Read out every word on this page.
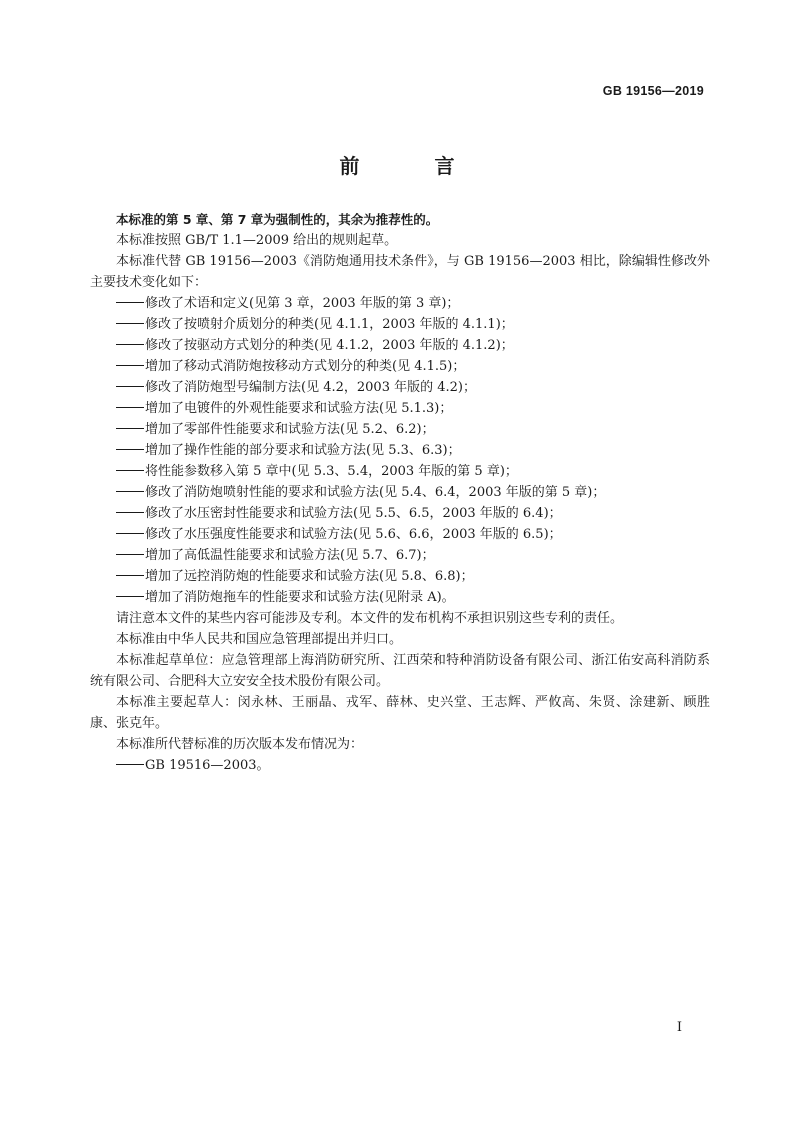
GB 19156—2019
前 言

本标准的第 5 章、第 7 章为强制性的，其余为推荐性的。

本标准按照 GB/T 1.1—2009 给出的规则起草。

本标准代替 GB 19156—2003《消防炮通用技术条件》，与 GB 19156—2003 相比，除编辑性修改外主要技术变化如下：

修改了术语和定义(见第 3 章，2003 年版的第 3 章)；

修改了按喷射介质划分的种类(见 4.1.1，2003 年版的 4.1.1)；

修改了按驱动方式划分的种类(见 4.1.2，2003 年版的 4.1.2)；

增加了移动式消防炮按移动方式划分的种类(见 4.1.5)；

修改了消防炮型号编制方法(见 4.2，2003 年版的 4.2)；

增加了电镀件的外观性能要求和试验方法(见 5.1.3)；

增加了零部件性能要求和试验方法(见 5.2、6.2)；

增加了操作性能的部分要求和试验方法(见 5.3、6.3)；

将性能参数移入第 5 章中(见 5.3、5.4，2003 年版的第 5 章)；

修改了消防炮喷射性能的要求和试验方法(见 5.4、6.4，2003 年版的第 5 章)；

修改了水压密封性能要求和试验方法(见 5.5、6.5，2003 年版的 6.4)；

修改了水压强度性能要求和试验方法(见 5.6、6.6，2003 年版的 6.5)；

增加了高低温性能要求和试验方法(见 5.7、6.7)；

增加了远控消防炮的性能要求和试验方法(见 5.8、6.8)；

增加了消防炮拖车的性能要求和试验方法(见附录 A)。

请注意本文件的某些内容可能涉及专利。本文件的发布机构不承担识别这些专利的责任。

本标准由中华人民共和国应急管理部提出并归口。

本标准起草单位：应急管理部上海消防研究所、江西荣和特种消防设备有限公司、浙江佑安高科消防系统有限公司、合肥科大立安安全技术股份有限公司。

本标准主要起草人：闵永林、王丽晶、戎军、薛林、史兴堂、王志辉、严攸高、朱贤、涂建新、顾胜康、张克年。

本标准所代替标准的历次版本发布情况为：

GB 19516—2003。

I
